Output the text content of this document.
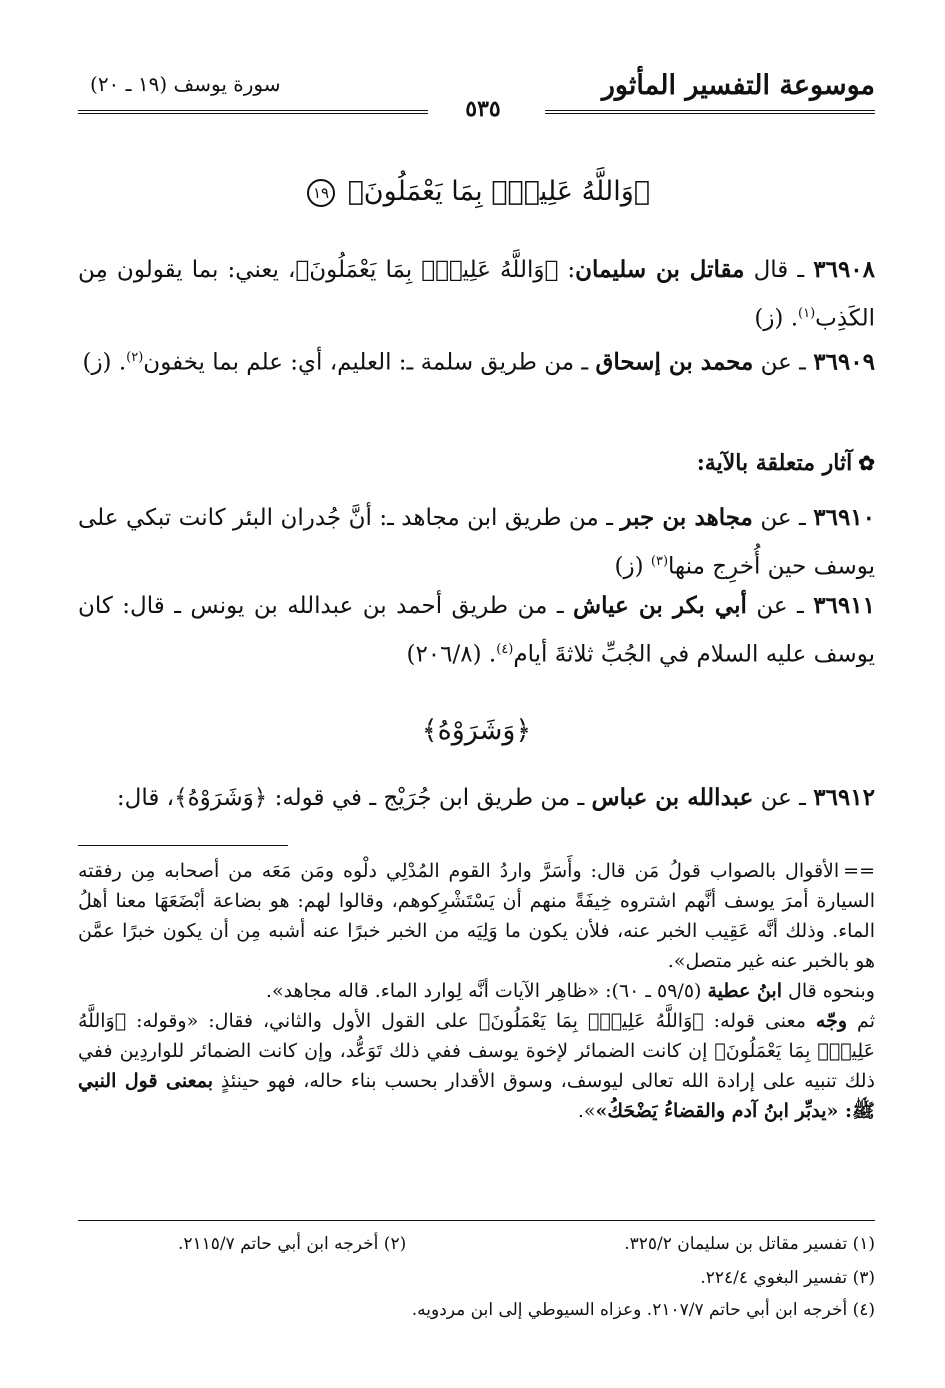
موسوعة التفسير المأثور
سورة يوسف (١٩ ـ ٢٠)
٥٣٥
﴿وَاللَّهُ عَلِيمٌۢ بِمَا يَعْمَلُونَ﴾ ١٩
٣٦٩٠٨ ـ قال مقاتل بن سليمان: ﴿وَاللَّهُ عَلِيمٌۢ بِمَا يَعْمَلُونَ﴾، يعني: بما يقولون مِن الكَذِب$^{(١)}$. (ز)
٣٦٩٠٩ ـ عن محمد بن إسحاق ـ من طريق سلمة ـ: العليم، أي: علم بما يخفون$^{(٢)}$. (ز)
✿آثار متعلقة بالآية:
٣٦٩١٠ ـ عن مجاهد بن جبر ـ من طريق ابن مجاهد ـ: أنَّ جُدران البئر كانت تبكي على يوسف حين أُخرِج منها$^{(٣)}$ (ز)
٣٦٩١١ ـ عن أبي بكر بن عياش ـ من طريق أحمد بن عبدالله بن يونس ـ قال: كان يوسف عليه السلام في الجُبِّ ثلاثةَ أيام$^{(٤)}$. (٢٠٦/٨)
﴿وَشَرَوْهُ﴾
٣٦٩١٢ ـ عن عبدالله بن عباس ـ من طريق ابن جُرَيْج ـ في قوله: ﴿وَشَرَوْهُ﴾، قال:
==الأقوال بالصواب قولُ مَن قال: وأَسَرَّ واردُ القوم المُدْلِي دلْوه ومَن مَعَه من أصحابه مِن رفقته السيارة أمرَ يوسف أنَّهم اشتروه خِيفَةً منهم أن يَسْتَشْرِكوهم، وقالوا لهم: هو بضاعة أبْضَعَهَا معنا أهلُ الماء. وذلك أنَّه عَقِيب الخبر عنه، فلأن يكون ما وَلِيَه من الخبر خبرًا عنه أشبه مِن أن يكون خبرًا عمَّن هو بالخبر عنه غير متصل».
وبنحوه قال ابنُ عطية (٥٩/٥ ـ ٦٠): «ظاهِر الآيات أنَّه لِوارد الماء. قاله مجاهد».
ثم وجّه معنى قوله: ﴿وَاللَّهُ عَلِيمٌۢ بِمَا يَعْمَلُونَ﴾ على القول الأول والثاني، فقال: «وقوله: ﴿وَاللَّهُ عَلِيمٌۢ بِمَا يَعْمَلُونَ﴾ إن كانت الضمائر لإخوة يوسف ففي ذلك تَوَعُّد، وإن كانت الضمائر للواردِين ففي ذلك تنبيه على إرادة الله تعالى ليوسف، وسوق الأقدار بحسب بناء حاله، فهو حينئذٍ بمعنى قول النبي ﷺ: «يدبِّر ابنُ آدم والقضاءُ يَضْحَكُ»».
(١) تفسير مقاتل بن سليمان ٣٢٥/٢.
(٢) أخرجه ابن أبي حاتم ٢١١٥/٧.
(٣) تفسير البغوي ٢٢٤/٤.
(٤) أخرجه ابن أبي حاتم ٢١٠٧/٧. وعزاه السيوطي إلى ابن مردويه.
